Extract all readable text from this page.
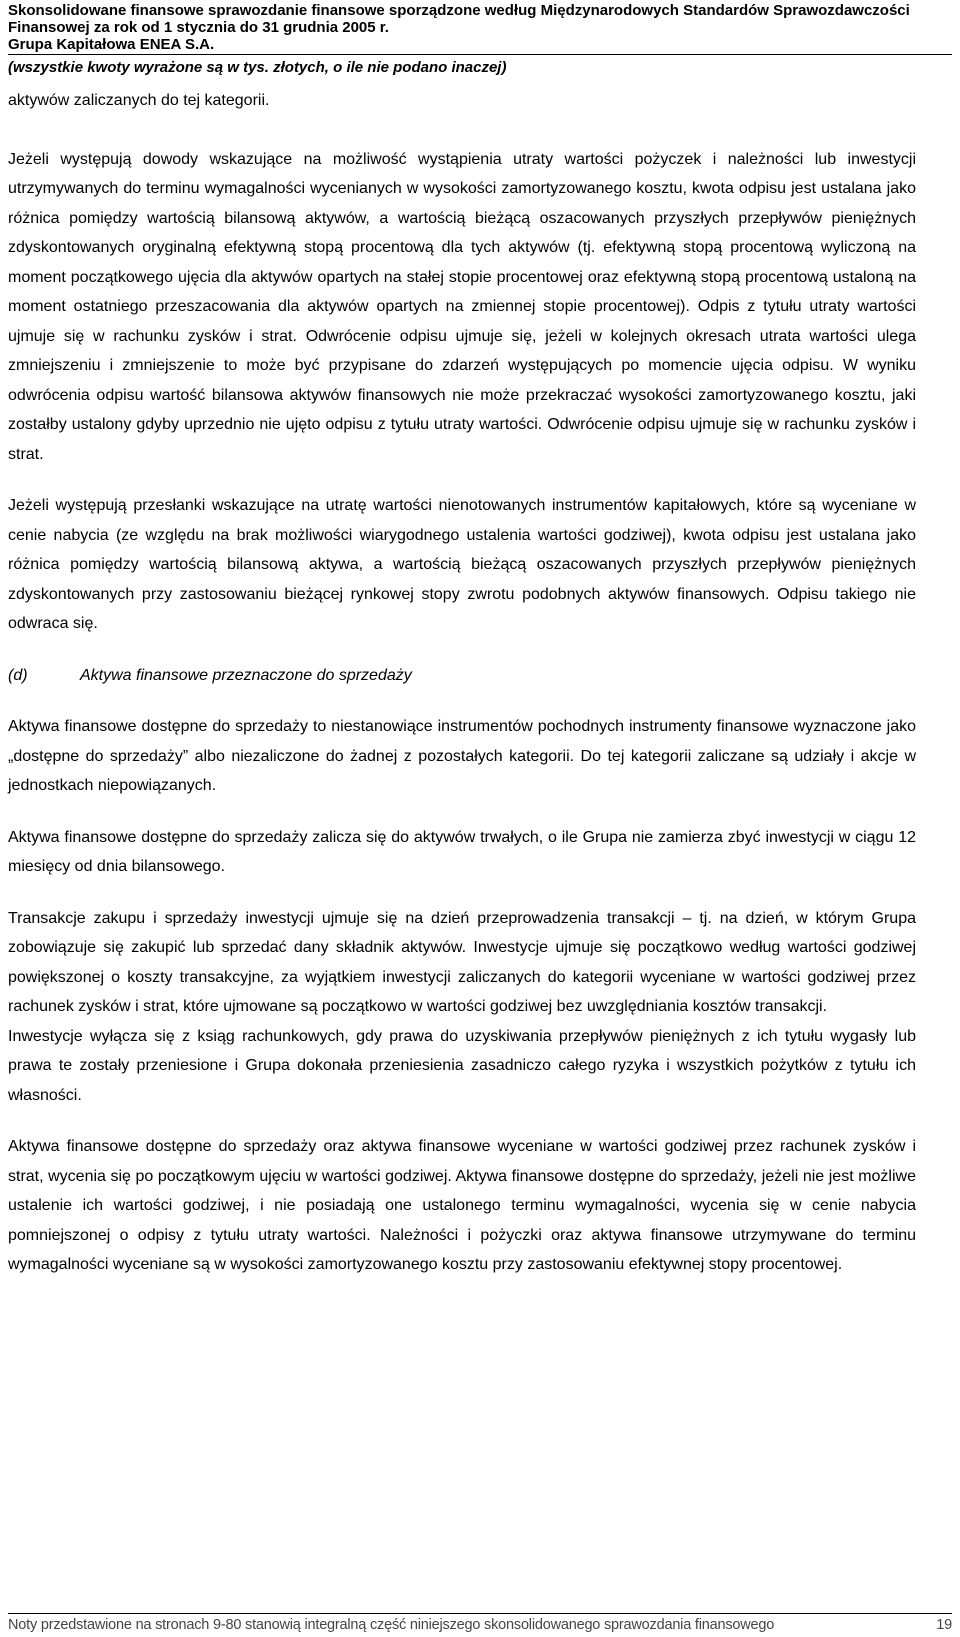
Skonsolidowane finansowe sprawozdanie finansowe sporządzone według Międzynarodowych Standardów Sprawozdawczości
Finansowej za rok od 1 stycznia do 31 grudnia 2005 r.
Grupa Kapitałowa ENEA S.A.
(wszystkie kwoty wyrażone są w tys. złotych, o ile nie podano inaczej)

aktywów zaliczanych do tej kategorii.

Jeżeli występują dowody wskazujące na możliwość wystąpienia utraty wartości pożyczek i należności lub inwestycji utrzymywanych do terminu wymagalności wycenianych w wysokości zamortyzowanego kosztu, kwota odpisu jest ustalana jako różnica pomiędzy wartością bilansową aktywów, a wartością bieżącą oszacowanych przyszłych przepływów pieniężnych zdyskontowanych oryginalną efektywną stopą procentową dla tych aktywów (tj. efektywną stopą procentową wyliczoną na moment początkowego ujęcia dla aktywów opartych na stałej stopie procentowej oraz efektywną stopą procentową ustaloną na moment ostatniego przeszacowania dla aktywów opartych na zmiennej stopie procentowej). Odpis z tytułu utraty wartości ujmuje się w rachunku zysków i strat. Odwrócenie odpisu ujmuje się, jeżeli w kolejnych okresach utrata wartości ulega zmniejszeniu i zmniejszenie to może być przypisane do zdarzeń występujących po momencie ujęcia odpisu. W wyniku odwrócenia odpisu wartość bilansowa aktywów finansowych nie może przekraczać wysokości zamortyzowanego kosztu, jaki zostałby ustalony gdyby uprzednio nie ujęto odpisu z tytułu utraty wartości. Odwrócenie odpisu ujmuje się w rachunku zysków i strat.

Jeżeli występują przesłanki wskazujące na utratę wartości nienotowanych instrumentów kapitałowych, które są wyceniane w cenie nabycia (ze względu na brak możliwości wiarygodnego ustalenia wartości godziwej), kwota odpisu jest ustalana jako różnica pomiędzy wartością bilansową aktywa, a wartością bieżącą oszacowanych przyszłych przepływów pieniężnych zdyskontowanych przy zastosowaniu bieżącej rynkowej stopy zwrotu podobnych aktywów finansowych. Odpisu takiego nie odwraca się.

(d)	Aktywa finansowe przeznaczone do sprzedaży

Aktywa finansowe dostępne do sprzedaży to niestanowiące instrumentów pochodnych instrumenty finansowe wyznaczone jako „dostępne do sprzedaży” albo niezaliczone do żadnej z pozostałych kategorii. Do tej kategorii zaliczane są udziały i akcje w jednostkach niepowiązanych.

Aktywa finansowe dostępne do sprzedaży zalicza się do aktywów trwałych, o ile Grupa nie zamierza zbyć inwestycji w ciągu 12 miesięcy od dnia bilansowego.

Transakcje zakupu i sprzedaży inwestycji ujmuje się na dzień przeprowadzenia transakcji – tj. na dzień, w którym Grupa zobowiązuje się zakupić lub sprzedać dany składnik aktywów. Inwestycje ujmuje się początkowo według wartości godziwej powiększonej o koszty transakcyjne, za wyjątkiem inwestycji zaliczanych do kategorii wyceniane w wartości godziwej przez rachunek zysków i strat, które ujmowane są początkowo w wartości godziwej bez uwzględniania kosztów transakcji.

Inwestycje wyłącza się z ksiąg rachunkowych, gdy prawa do uzyskiwania przepływów pieniężnych z ich tytułu wygasły lub prawa te zostały przeniesione i Grupa dokonała przeniesienia zasadniczo całego ryzyka i wszystkich pożytków z tytułu ich własności.

Aktywa finansowe dostępne do sprzedaży oraz aktywa finansowe wyceniane w wartości godziwej przez rachunek zysków i strat, wycenia się po początkowym ujęciu w wartości godziwej. Aktywa finansowe dostępne do sprzedaży, jeżeli nie jest możliwe ustalenie ich wartości godziwej, i nie posiadają one ustalonego terminu wymagalności, wycenia się w cenie nabycia pomniejszonej o odpisy z tytułu utraty wartości. Należności i pożyczki oraz aktywa finansowe utrzymywane do terminu wymagalności wyceniane są w wysokości zamortyzowanego kosztu przy zastosowaniu efektywnej stopy procentowej.

Noty przedstawione na stronach 9-80 stanowią integralną część niniejszego skonsolidowanego sprawozdania finansowego	19
